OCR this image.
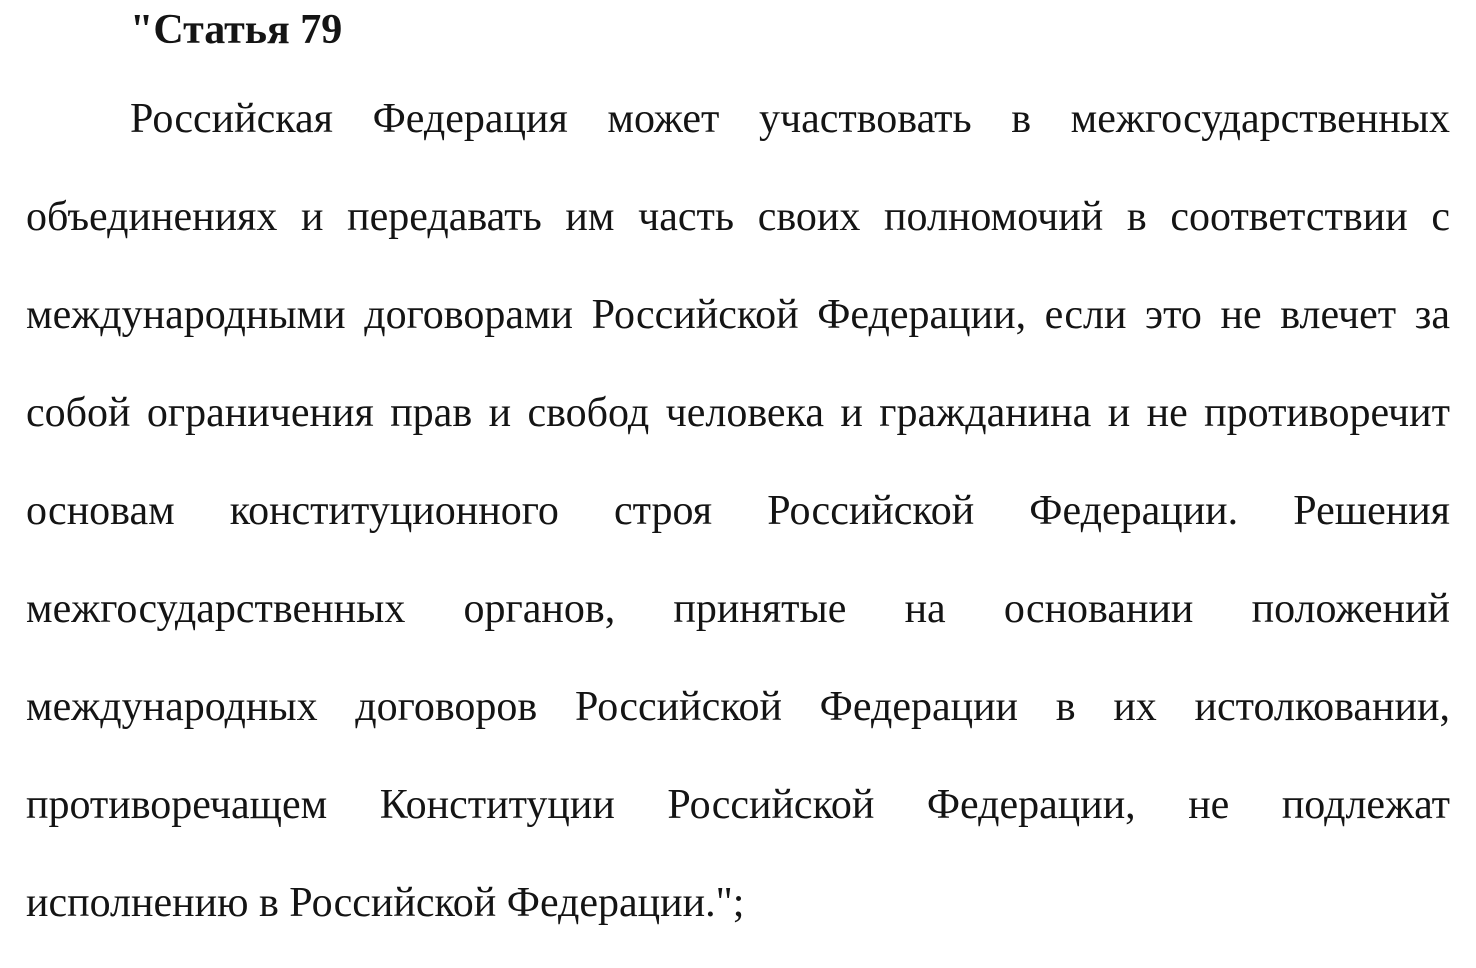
"Статья 79
Российская Федерация может участвовать в межгосударственных
объединениях и передавать им часть своих полномочий в соответствии с
международными договорами Российской Федерации, если это не влечет за
собой ограничения прав и свобод человека и гражданина и не противоречит
основам конституционного строя Российской Федерации. Решения
межгосударственных органов, принятые на основании положений
международных договоров Российской Федерации в их истолковании,
противоречащем Конституции Российской Федерации, не подлежат
исполнению в Российской Федерации.";
